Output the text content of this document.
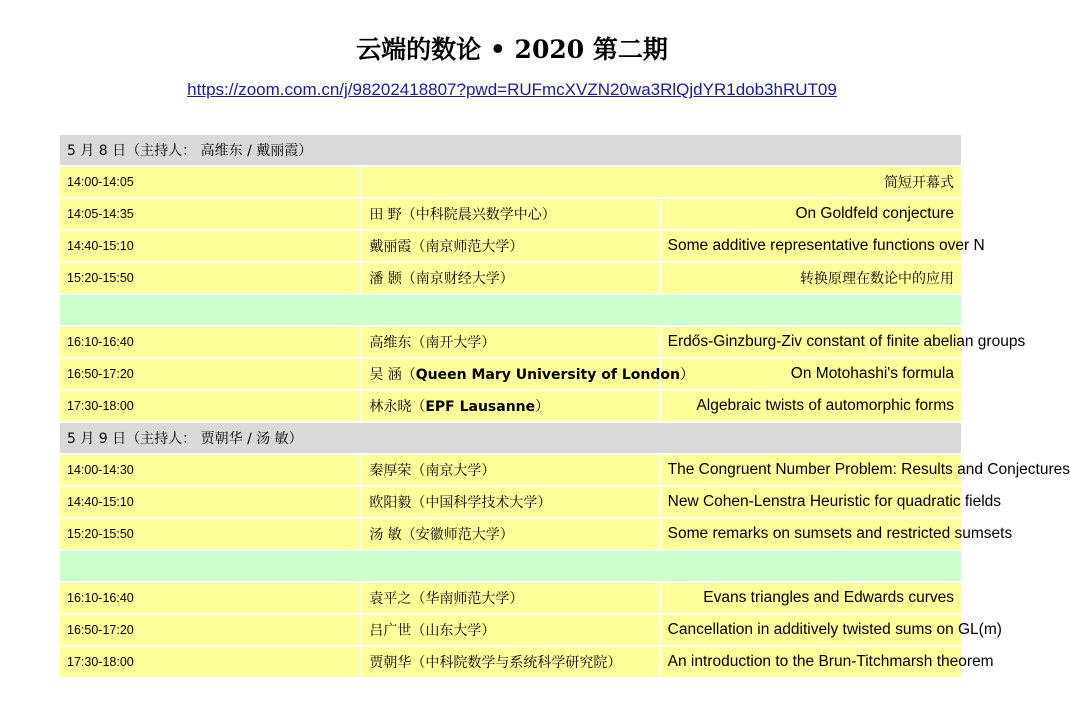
云端的数论 • 2020 第二期
https://zoom.com.cn/j/98202418807?pwd=RUFmcXVZN20wa3RlQjdYR1dob3hRUT09
5 月 8 日（主持人： 高维东 / 戴丽霞）		
14:00-14:05	简短开幕式	
14:05-14:35	田 野（中科院晨兴数学中心）	On Goldfeld conjecture
14:40-15:10	戴丽霞（南京师范大学）	Some additive representative functions over N
15:20-15:50	潘 颢（南京财经大学）	转换原理在数论中的应用

16:10-16:40	高维东（南开大学）	Erdős-Ginzburg-Ziv constant of finite abelian groups
16:50-17:20	吴 涵（Queen Mary University of London）	On Motohashi's formula
17:30-18:00	林永晓（EPF Lausanne）	Algebraic twists of automorphic forms
5 月 9 日（主持人： 贾朝华 / 汤 敏）		
14:00-14:30	秦厚荣（南京大学）	The Congruent Number Problem: Results and Conjectures
14:40-15:10	欧阳毅（中国科学技术大学）	New Cohen-Lenstra Heuristic for quadratic fields
15:20-15:50	汤 敏（安徽师范大学）	Some remarks on sumsets and restricted sumsets

16:10-16:40	袁平之（华南师范大学）	Evans triangles and Edwards curves
16:50-17:20	吕广世（山东大学）	Cancellation in additively twisted sums on GL(m)
17:30-18:00	贾朝华（中科院数学与系统科学研究院）	An introduction to the Brun-Titchmarsh theorem
